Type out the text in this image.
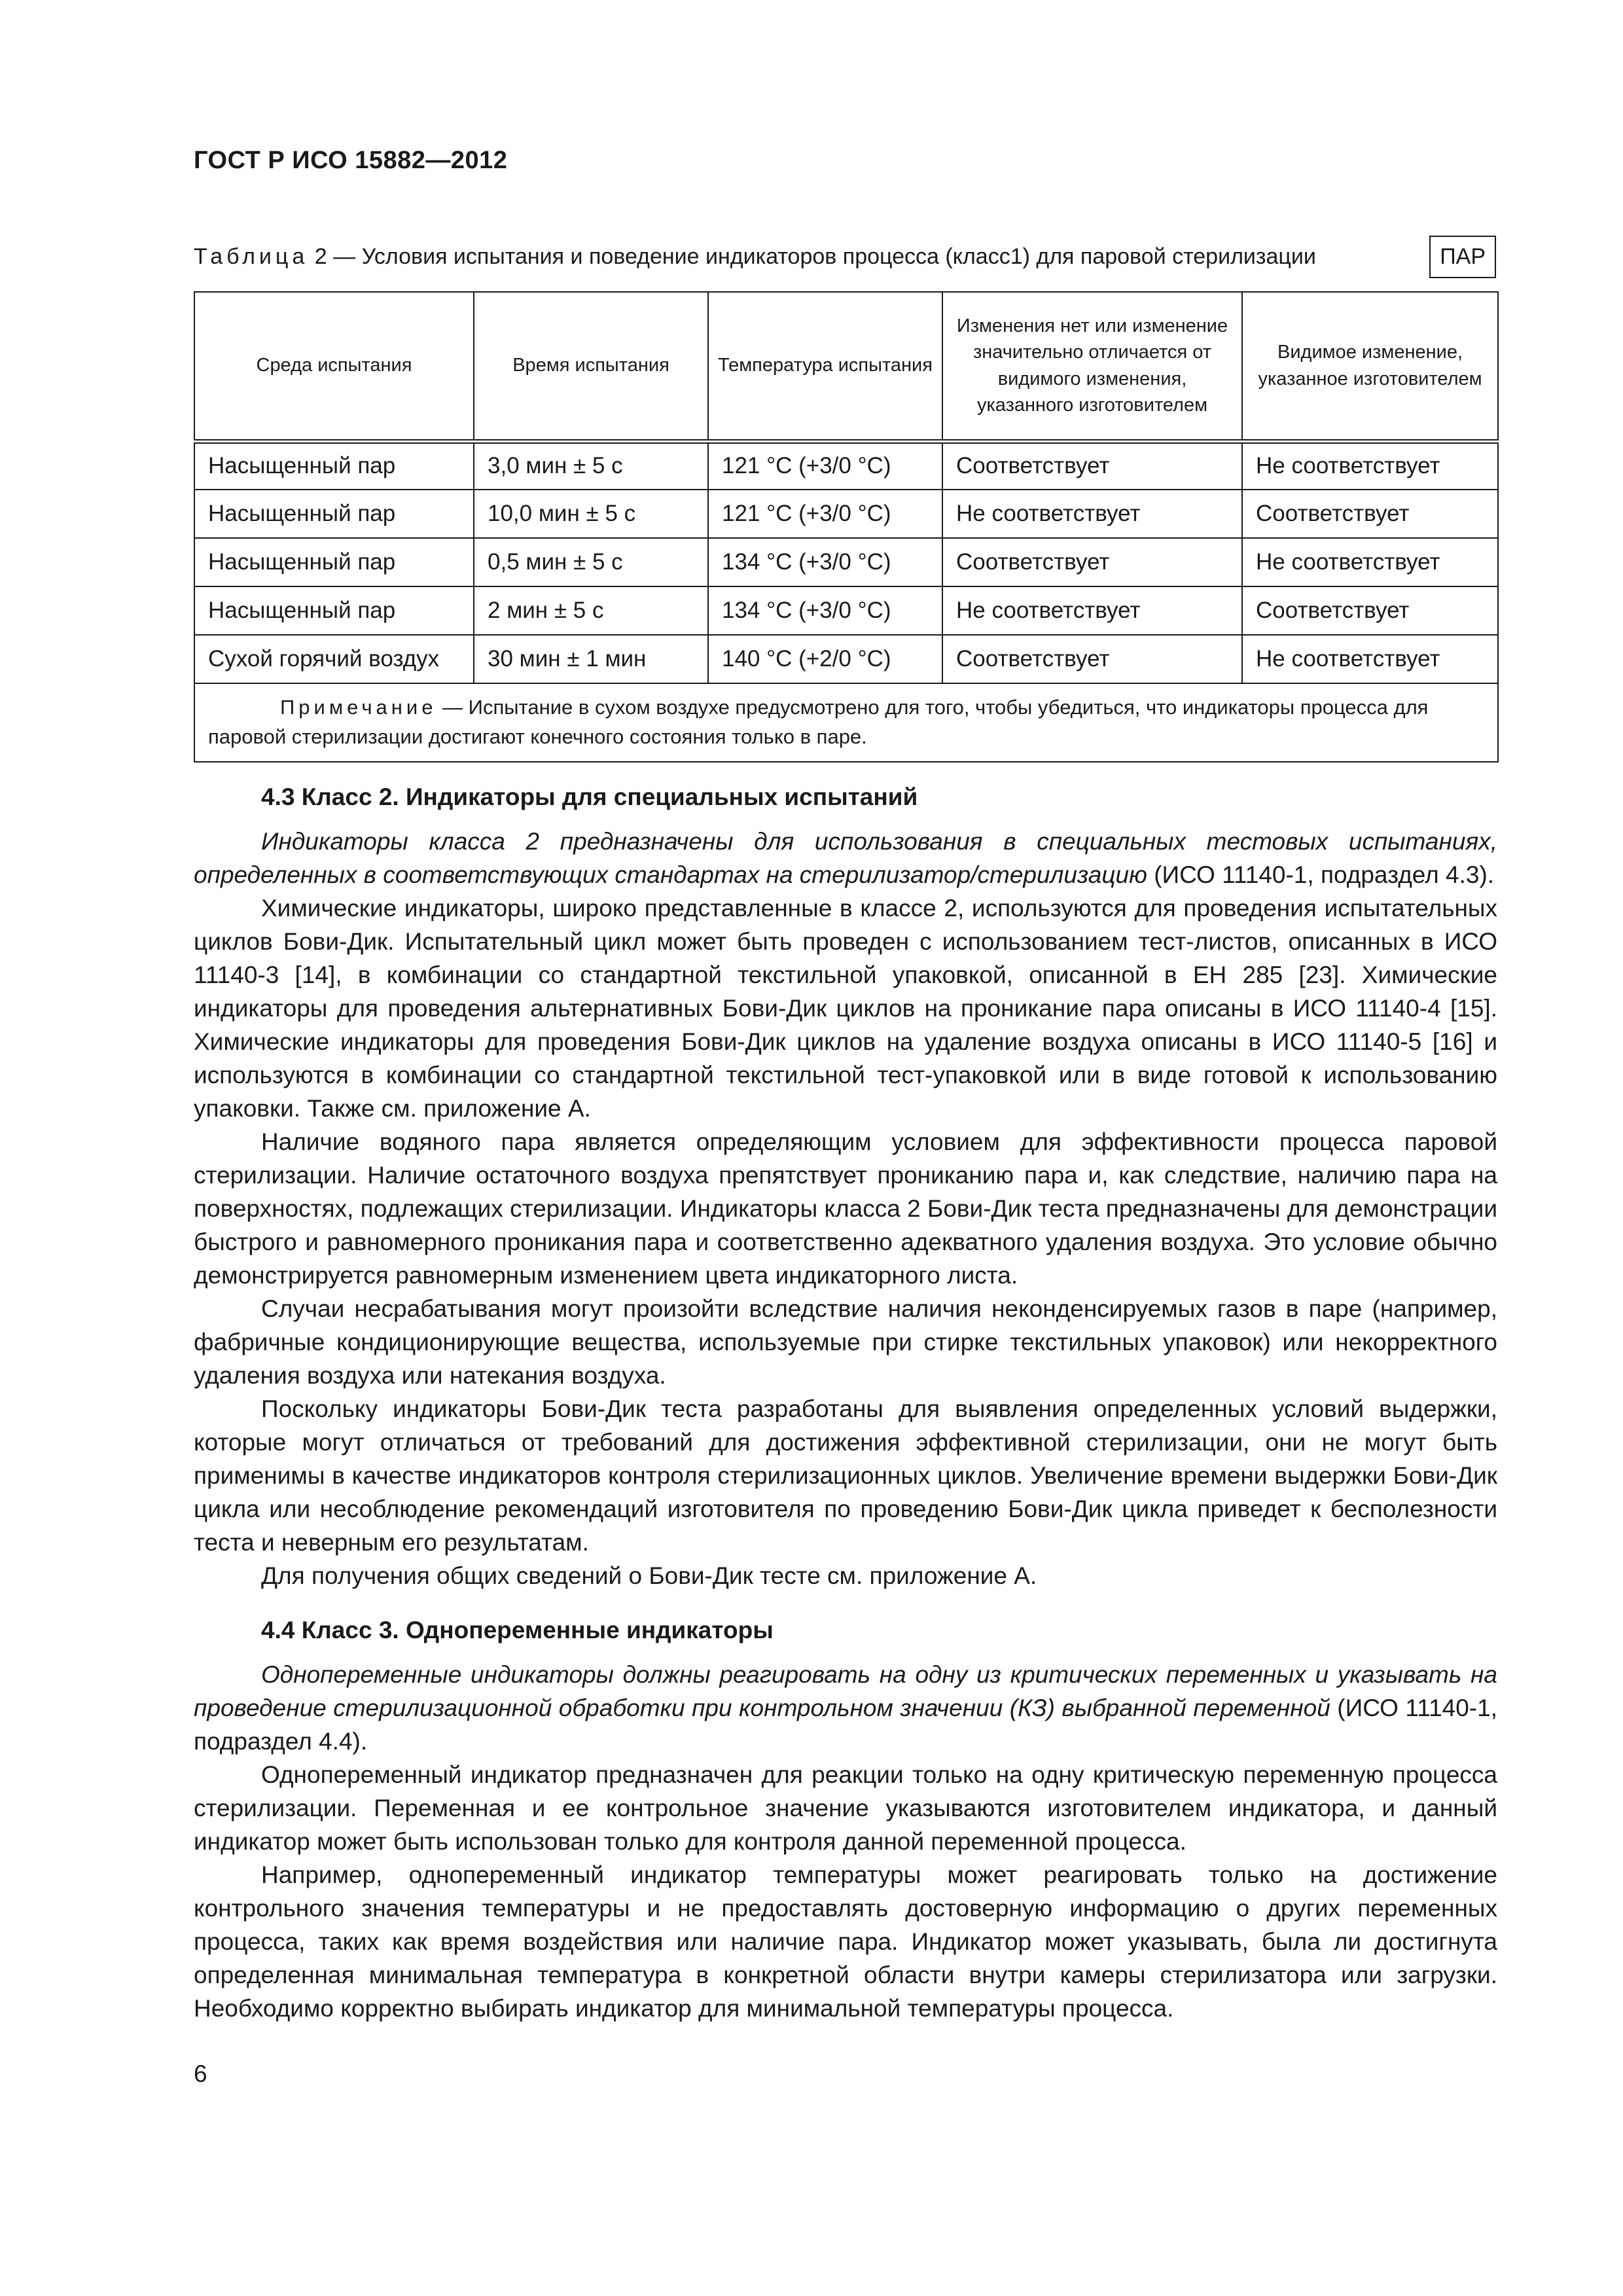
ГОСТ Р ИСО 15882—2012
Таблица 2 — Условия испытания и поведение индикаторов процесса (класс1) для паровой стерилизации	ПАР
Среда испытания	Время испытания	Температура испытания	Изменения нет или изменение значительно отличается от видимого изменения, указанного изготовителем	Видимое изменение, указанное изготовителем
Насыщенный пар	3,0 мин ± 5 с	121 °С (+3/0 °С)	Соответствует	Не соответствует
Насыщенный пар	10,0 мин ± 5 с	121 °С (+3/0 °С)	Не соответствует	Соответствует
Насыщенный пар	0,5 мин ± 5 с	134 °С (+3/0 °С)	Соответствует	Не соответствует
Насыщенный пар	2 мин ± 5 с	134 °С (+3/0 °С)	Не соответствует	Соответствует
Сухой горячий воздух	30 мин ± 1 мин	140 °С (+2/0 °С)	Соответствует	Не соответствует
Примечание — Испытание в сухом воздухе предусмотрено для того, чтобы убедиться, что индикаторы процесса для паровой стерилизации достигают конечного состояния только в паре.				
4.3 Класс 2. Индикаторы для специальных испытаний

Индикаторы класса 2 предназначены для использования в специальных тестовых испытаниях, определенных в соответствующих стандартах на стерилизатор/стерилизацию (ИСО 11140-1, подраздел 4.3).

Химические индикаторы, широко представленные в классе 2, используются для проведения испытательных циклов Бови-Дик. Испытательный цикл может быть проведен с использованием тест-листов, описанных в ИСО 11140-3 [14], в комбинации со стандартной текстильной упаковкой, описанной в ЕН 285 [23]. Химические индикаторы для проведения альтернативных Бови-Дик циклов на проникание пара описаны в ИСО 11140-4 [15]. Химические индикаторы для проведения Бови-Дик циклов на удаление воздуха описаны в ИСО 11140-5 [16] и используются в комбинации со стандартной текстильной тест-упаковкой или в виде готовой к использованию упаковки. Также см. приложение А.

Наличие водяного пара является определяющим условием для эффективности процесса паровой стерилизации. Наличие остаточного воздуха препятствует прониканию пара и, как следствие, наличию пара на поверхностях, подлежащих стерилизации. Индикаторы класса 2 Бови-Дик теста предназначены для демонстрации быстрого и равномерного проникания пара и соответственно адекватного удаления воздуха. Это условие обычно демонстрируется равномерным изменением цвета индикаторного листа.

Случаи несрабатывания могут произойти вследствие наличия неконденсируемых газов в паре (например, фабричные кондиционирующие вещества, используемые при стирке текстильных упаковок) или некорректного удаления воздуха или натекания воздуха.

Поскольку индикаторы Бови-Дик теста разработаны для выявления определенных условий выдержки, которые могут отличаться от требований для достижения эффективной стерилизации, они не могут быть применимы в качестве индикаторов контроля стерилизационных циклов. Увеличение времени выдержки Бови-Дик цикла или несоблюдение рекомендаций изготовителя по проведению Бови-Дик цикла приведет к бесполезности теста и неверным его результатам.

Для получения общих сведений о Бови-Дик тесте см. приложение А.

4.4 Класс 3. Однопеременные индикаторы

Однопеременные индикаторы должны реагировать на одну из критических переменных и указывать на проведение стерилизационной обработки при контрольном значении (КЗ) выбранной переменной (ИСО 11140-1, подраздел 4.4).

Однопеременный индикатор предназначен для реакции только на одну критическую переменную процесса стерилизации. Переменная и ее контрольное значение указываются изготовителем индикатора, и данный индикатор может быть использован только для контроля данной переменной процесса.

Например, однопеременный индикатор температуры может реагировать только на достижение контрольного значения температуры и не предоставлять достоверную информацию о других переменных процесса, таких как время воздействия или наличие пара. Индикатор может указывать, была ли достигнута определенная минимальная температура в конкретной области внутри камеры стерилизатора или загрузки. Необходимо корректно выбирать индикатор для минимальной температуры процесса.

6
